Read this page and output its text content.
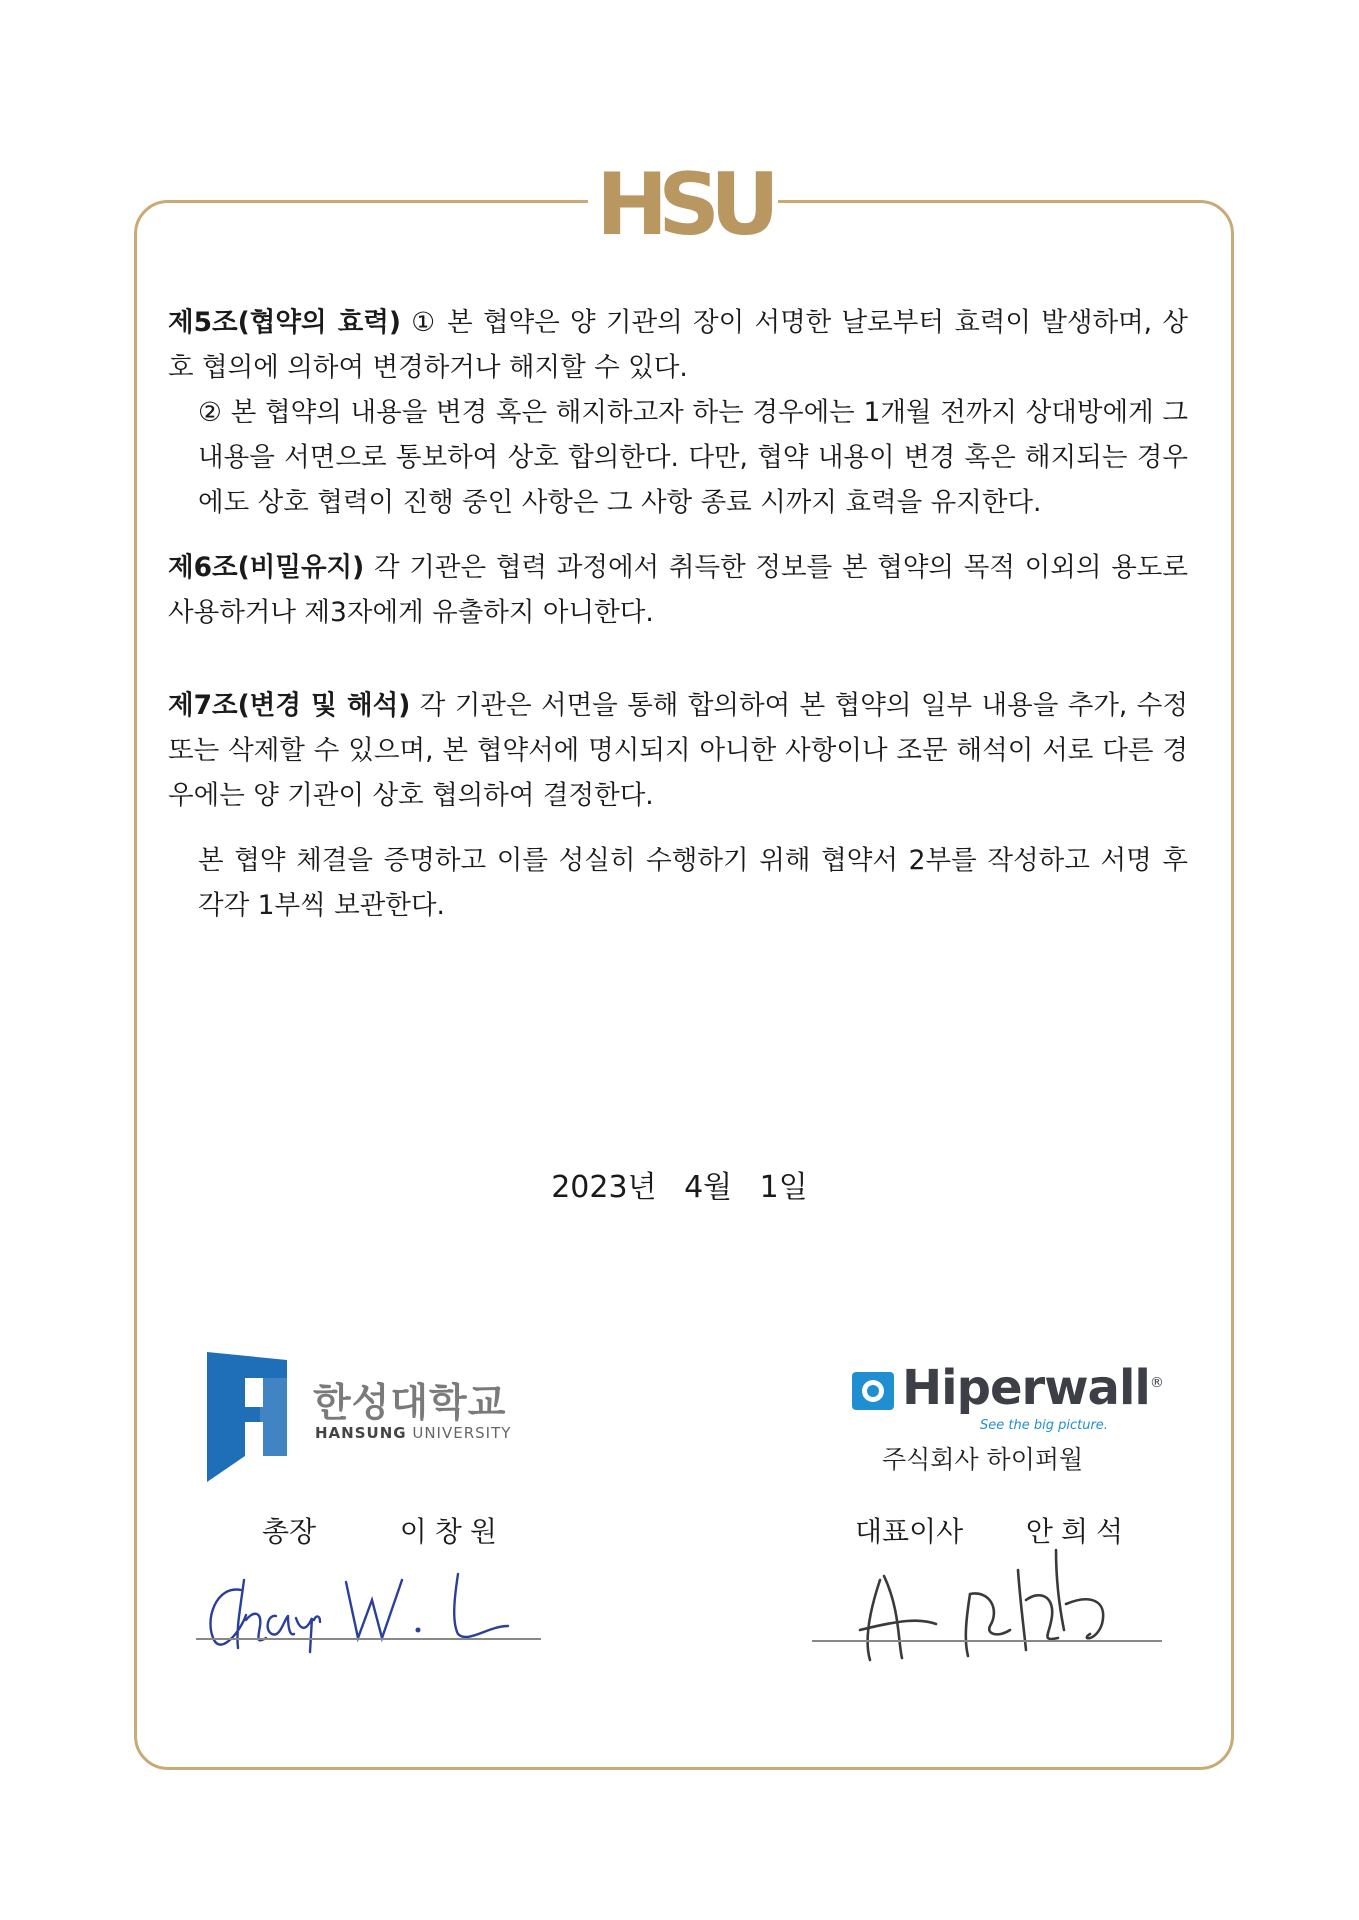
HSU

제5조(협약의 효력) ① 본 협약은 양 기관의 장이 서명한 날로부터 효력이 발생하며, 상호 협의에 의하여 변경하거나 해지할 수 있다.

② 본 협약의 내용을 변경 혹은 해지하고자 하는 경우에는 1개월 전까지 상대방에게 그 내용을 서면으로 통보하여 상호 합의한다. 다만, 협약 내용이 변경 혹은 해지되는 경우에도 상호 협력이 진행 중인 사항은 그 사항 종료 시까지 효력을 유지한다.

제6조(비밀유지) 각 기관은 협력 과정에서 취득한 정보를 본 협약의 목적 이외의 용도로 사용하거나 제3자에게 유출하지 아니한다.

제7조(변경 및 해석) 각 기관은 서면을 통해 합의하여 본 협약의 일부 내용을 추가, 수정 또는 삭제할 수 있으며, 본 협약서에 명시되지 아니한 사항이나 조문 해석이 서로 다른 경우에는 양 기관이 상호 협의하여 결정한다.

본 협약 체결을 증명하고 이를 성실히 수행하기 위해 협약서 2부를 작성하고 서명 후 각각 1부씩 보관한다.

2023년 4월 1일
한성대학교
HANSUNG UNIVERSITY
Hiperwall®
See the big picture.
주식회사 하이퍼월
총장	이창원	대표이사 안희석
